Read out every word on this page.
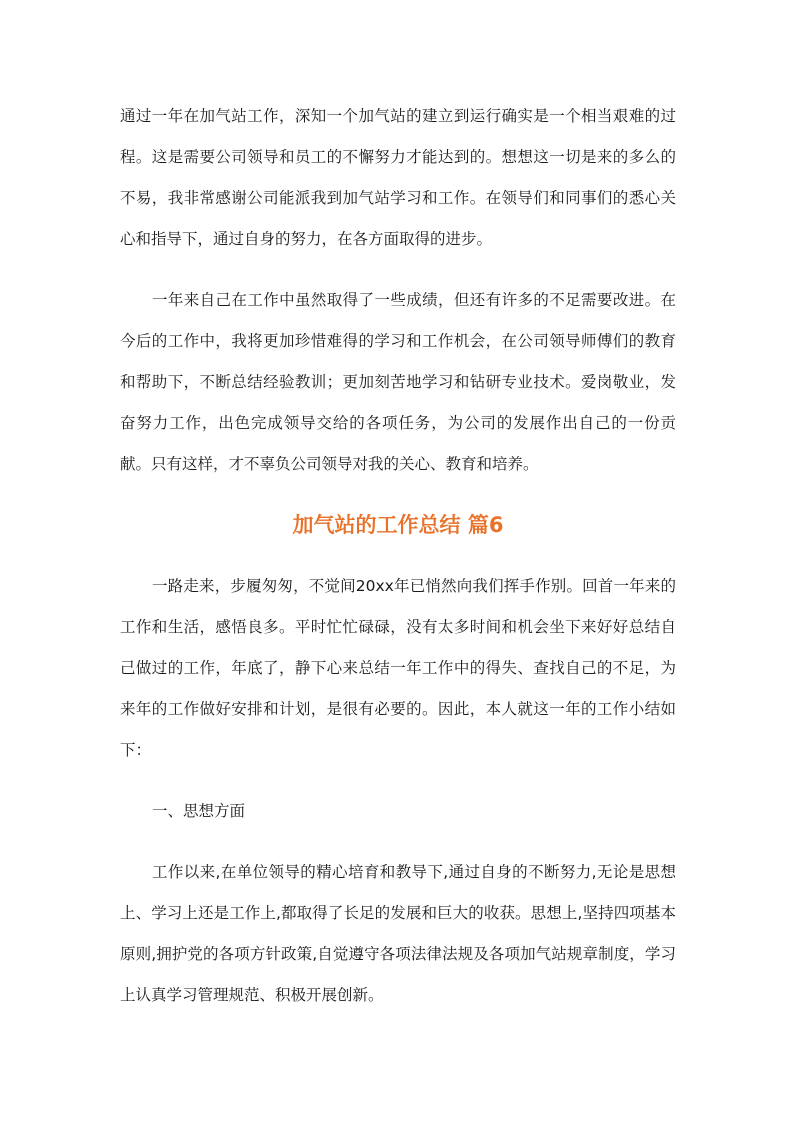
通过一年在加气站工作，深知一个加气站的建立到运行确实是一个相当艰难的过程。这是需要公司领导和员工的不懈努力才能达到的。想想这一切是来的多么的不易，我非常感谢公司能派我到加气站学习和工作。在领导们和同事们的悉心关心和指导下，通过自身的努力，在各方面取得的进步。

一年来自己在工作中虽然取得了一些成绩，但还有许多的不足需要改进。在今后的工作中，我将更加珍惜难得的学习和工作机会，在公司领导师傅们的教育和帮助下，不断总结经验教训；更加刻苦地学习和钻研专业技术。爱岗敬业，发奋努力工作，出色完成领导交给的各项任务，为公司的发展作出自己的一份贡献。只有这样，才不辜负公司领导对我的关心、教育和培养。

加气站的工作总结 篇6

一路走来，步履匆匆，不觉间20xx年已悄然向我们挥手作别。回首一年来的工作和生活，感悟良多。平时忙忙碌碌，没有太多时间和机会坐下来好好总结自己做过的工作，年底了，静下心来总结一年工作中的得失、查找自己的不足，为来年的工作做好安排和计划，是很有必要的。因此，本人就这一年的工作小结如下：

一、思想方面

工作以来,在单位领导的精心培育和教导下,通过自身的不断努力,无论是思想上、学习上还是工作上,都取得了长足的发展和巨大的收获。思想上,坚持四项基本原则,拥护党的各项方针政策,自觉遵守各项法律法规及各项加气站规章制度，学习上认真学习管理规范、积极开展创新。
